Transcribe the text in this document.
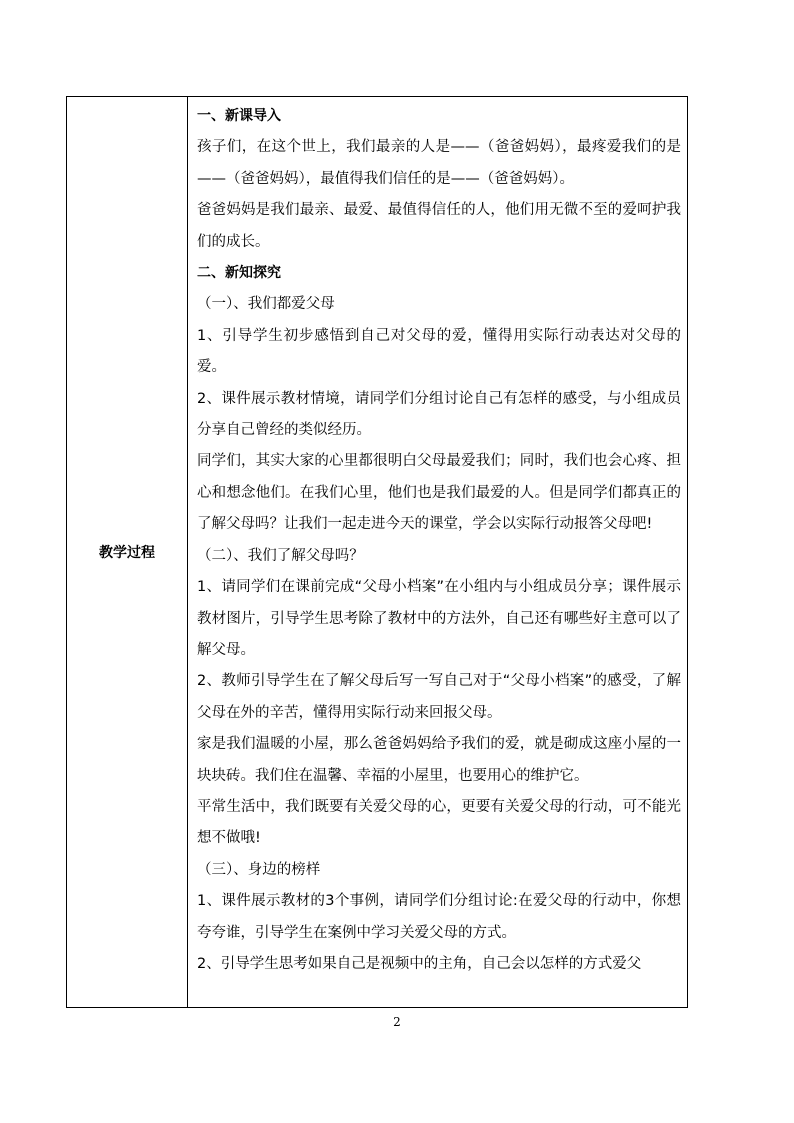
教学过程	

一、新课导入

孩子们，在这个世上，我们最亲的人是——（爸爸妈妈），最疼爱我们的是——（爸爸妈妈），最值得我们信任的是——（爸爸妈妈）。

爸爸妈妈是我们最亲、最爱、最值得信任的人，他们用无微不至的爱呵护我们的成长。

二、新知探究

（一）、我们都爱父母

1、引导学生初步感悟到自己对父母的爱，懂得用实际行动表达对父母的爱。

2、课件展示教材情境，请同学们分组讨论自己有怎样的感受，与小组成员分享自己曾经的类似经历。

同学们，其实大家的心里都很明白父母最爱我们；同时，我们也会心疼、担心和想念他们。在我们心里，他们也是我们最爱的人。但是同学们都真正的了解父母吗？让我们一起走进今天的课堂，学会以实际行动报答父母吧!

（二）、我们了解父母吗？

1、请同学们在课前完成“父母小档案”在小组内与小组成员分享；课件展示教材图片，引导学生思考除了教材中的方法外，自己还有哪些好主意可以了解父母。

2、教师引导学生在了解父母后写一写自己对于“父母小档案”的感受，了解父母在外的辛苦，懂得用实际行动来回报父母。

家是我们温暖的小屋，那么爸爸妈妈给予我们的爱，就是砌成这座小屋的一块块砖。我们住在温馨、幸福的小屋里，也要用心的维护它。

平常生活中，我们既要有关爱父母的心，更要有关爱父母的行动，可不能光想不做哦!

（三）、身边的榜样

1、课件展示教材的3个事例，请同学们分组讨论:在爱父母的行动中，你想夸夸谁，引导学生在案例中学习关爱父母的方式。

2、引导学生思考如果自己是视频中的主角，自己会以怎样的方式爱父

2
